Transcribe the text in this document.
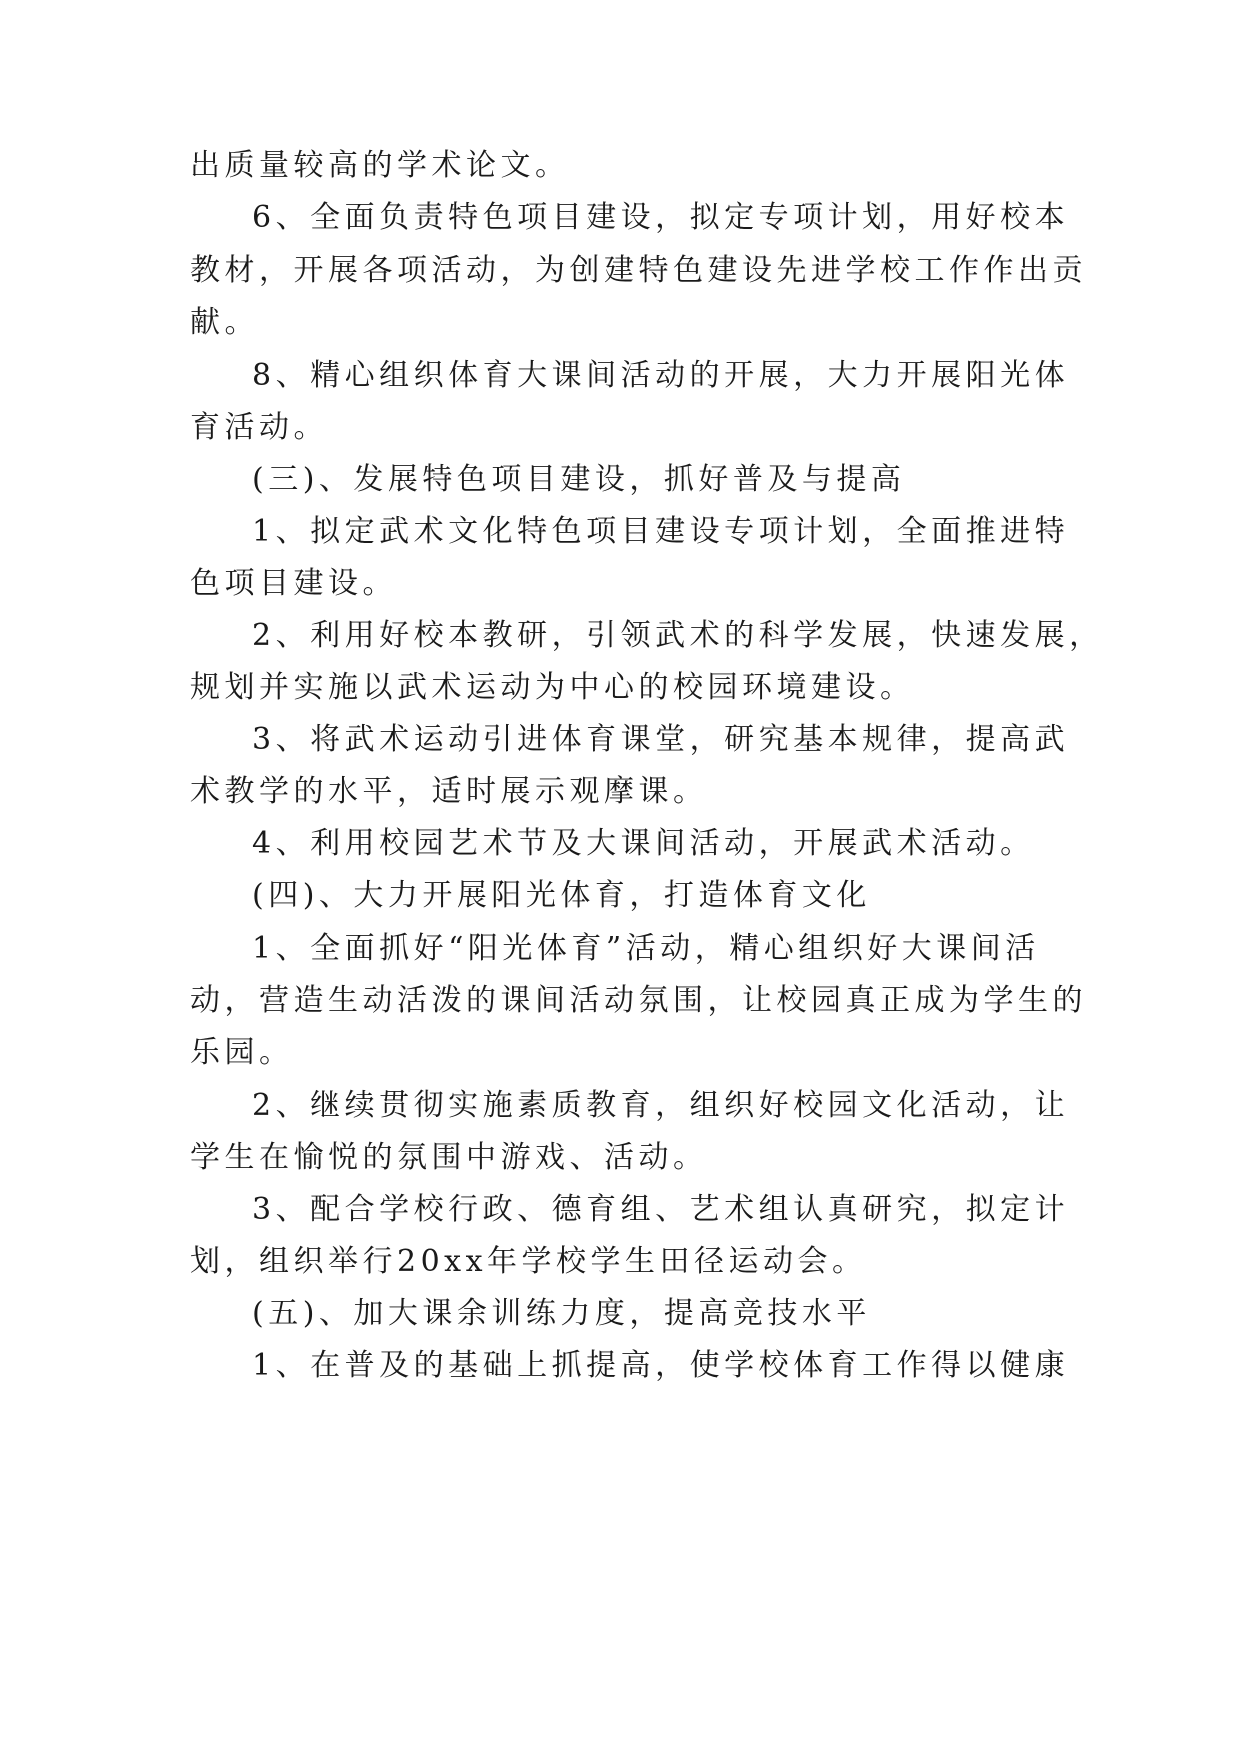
出质量较高的学术论文。
6、全面负责特色项目建设，拟定专项计划，用好校本
教材，开展各项活动，为创建特色建设先进学校工作作出贡
献。
8、精心组织体育大课间活动的开展，大力开展阳光体
育活动。
(三)、发展特色项目建设，抓好普及与提高
1、拟定武术文化特色项目建设专项计划，全面推进特
色项目建设。
2、利用好校本教研，引领武术的科学发展，快速发展，
规划并实施以武术运动为中心的校园环境建设。
3、将武术运动引进体育课堂，研究基本规律，提高武
术教学的水平，适时展示观摩课。
4、利用校园艺术节及大课间活动，开展武术活动。
(四)、大力开展阳光体育，打造体育文化
1、全面抓好“阳光体育”活动，精心组织好大课间活
动，营造生动活泼的课间活动氛围，让校园真正成为学生的
乐园。
2、继续贯彻实施素质教育，组织好校园文化活动，让
学生在愉悦的氛围中游戏、活动。
3、配合学校行政、德育组、艺术组认真研究，拟定计
划，组织举行20xx年学校学生田径运动会。
(五)、加大课余训练力度，提高竞技水平
1、在普及的基础上抓提高，使学校体育工作得以健康
